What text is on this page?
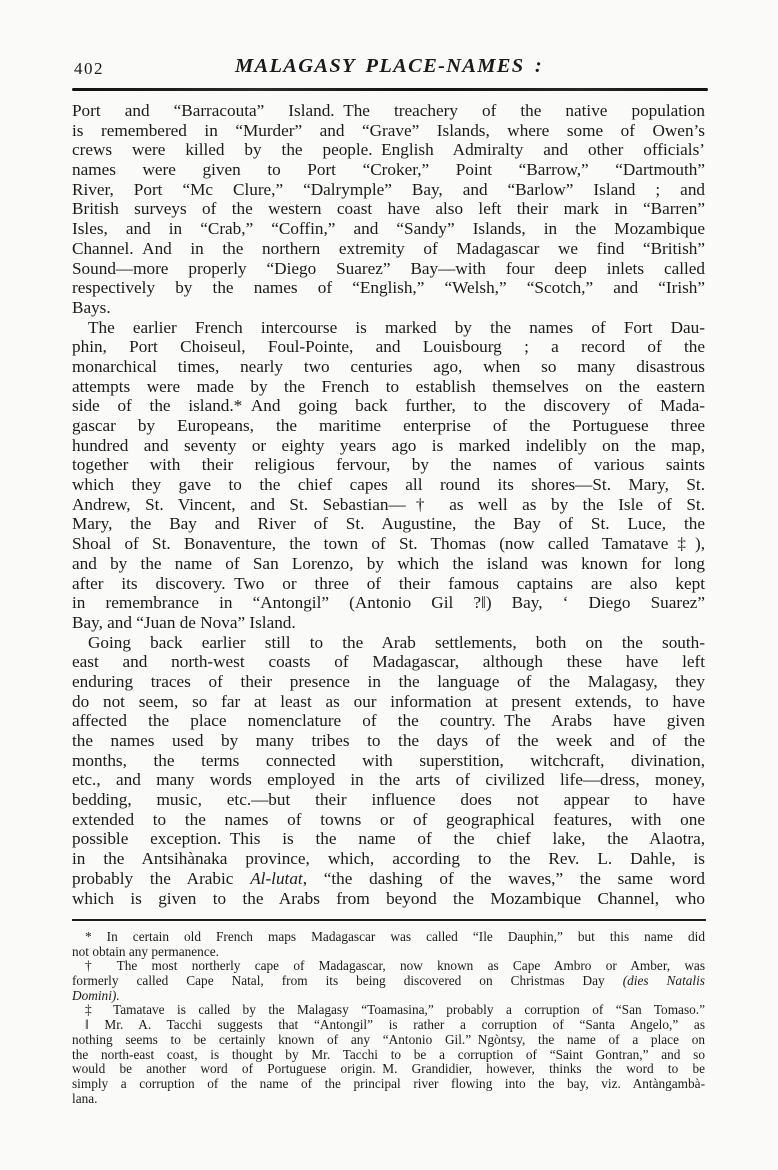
402	MALAGASY PLACE-NAMES :
Port and “Barracouta” Island. The treachery of the native population
is remembered in “Murder” and “Grave” Islands, where some of Owen’s
crews were killed by the people. English Admiralty and other officials’
names were given to Port “Croker,” Point “Barrow,” “Dartmouth”
River, Port “Mc Clure,” “Dalrymple” Bay, and “Barlow” Island ; and
British surveys of the western coast have also left their mark in “Barren”
Isles, and in “Crab,” “Coffin,” and “Sandy” Islands, in the Mozambique
Channel. And in the northern extremity of Madagascar we find “British”
Sound—more properly “Diego Suarez” Bay—with four deep inlets called
respectively by the names of “English,” “Welsh,” “Scotch,” and “Irish”
Bays.
The earlier French intercourse is marked by the names of Fort Dau-
phin, Port Choiseul, Foul-Pointe, and Louisbourg ; a record of the
monarchical times, nearly two centuries ago, when so many disastrous
attempts were made by the French to establish themselves on the eastern
side of the island.* And going back further, to the discovery of Mada-
gascar by Europeans, the maritime enterprise of the Portuguese three
hundred and seventy or eighty years ago is marked indelibly on the map,
together with their religious fervour, by the names of various saints
which they gave to the chief capes all round its shores—St. Mary, St.
Andrew, St. Vincent, and St. Sebastian—† as well as by the Isle of St.
Mary, the Bay and River of St. Augustine, the Bay of St. Luce, the
Shoal of St. Bonaventure, the town of St. Thomas (now called Tamatave‡),
and by the name of San Lorenzo, by which the island was known for long
after its discovery. Two or three of their famous captains are also kept
in remembrance in “Antongil” (Antonio Gil ?‖) Bay, ‘ Diego Suarez”
Bay, and “Juan de Nova” Island.
Going back earlier still to the Arab settlements, both on the south-
east and north-west coasts of Madagascar, although these have left
enduring traces of their presence in the language of the Malagasy, they
do not seem, so far at least as our information at present extends, to have
affected the place nomenclature of the country. The Arabs have given
the names used by many tribes to the days of the week and of the
months, the terms connected with superstition, witchcraft, divination,
etc., and many words employed in the arts of civilized life—dress, money,
bedding, music, etc.—but their influence does not appear to have
extended to the names of towns or of geographical features, with one
possible exception. This is the name of the chief lake, the Alaotra,
in the Antsihànaka province, which, according to the Rev. L. Dahle, is
probably the Arabic Al-lutat, “the dashing of the waves,” the same word
which is given to the Arabs from beyond the Mozambique Channel, who
* In certain old French maps Madagascar was called “Ile Dauphin,” but this name did
not obtain any permanence.
† The most northerly cape of Madagascar, now known as Cape Ambro or Amber, was
formerly called Cape Natal, from its being discovered on Christmas Day (dies Natalis
Domini).
‡ Tamatave is called by the Malagasy “Toamasina,” probably a corruption of “San Tomaso.”
‖ Mr. A. Tacchi suggests that “Antongil” is rather a corruption of “Santa Angelo,” as
nothing seems to be certainly known of any “Antonio Gil.” Ngòntsy, the name of a place on
the north-east coast, is thought by Mr. Tacchi to be a corruption of “Saint Gontran,” and so
would be another word of Portuguese origin. M. Grandidier, however, thinks the word to be
simply a corruption of the name of the principal river flowing into the bay, viz. Antàngambà-
lana.
